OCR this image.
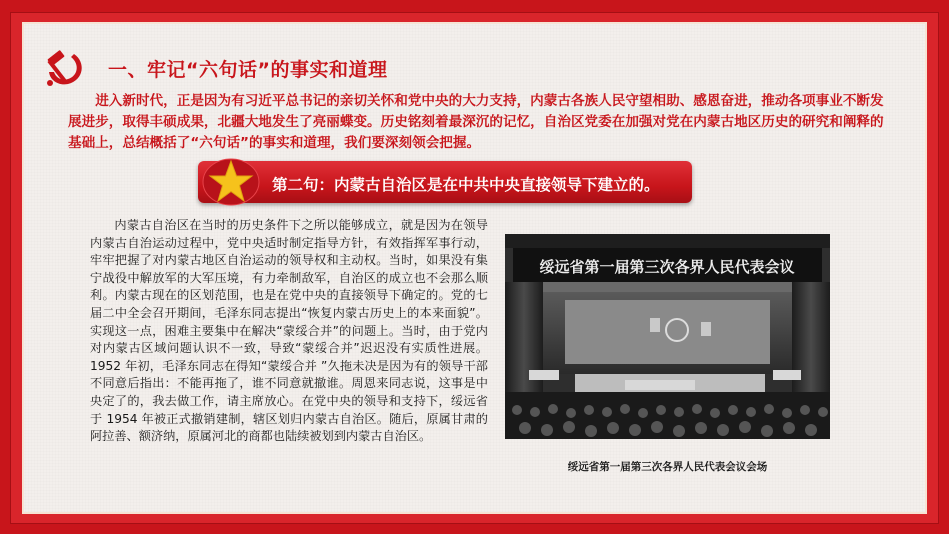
一、牢记“六句话”的事实和道理

进入新时代，正是因为有习近平总书记的亲切关怀和党中央的大力支持，内蒙古各族人民守望相助、感恩奋进，推动各项事业不断发展进步，取得丰硕成果，北疆大地发生了亮丽蝶变。历史铭刻着最深沉的记忆，自治区党委在加强对党在内蒙古地区历史的研究和阐释的基础上，总结概括了“六句话”的事实和道理，我们要深刻领会把握。

第二句：内蒙古自治区是在中共中央直接领导下建立的。

内蒙古自治区在当时的历史条件下之所以能够成立，就是因为在领导内蒙古自治运动过程中，党中央适时制定指导方针，有效指挥军事行动，牢牢把握了对内蒙古地区自治运动的领导权和主动权。当时，如果没有集宁战役中解放军的大军压境，有力牵制敌军，自治区的成立也不会那么顺利。内蒙古现在的区划范围，也是在党中央的直接领导下确定的。党的七届二中全会召开期间，毛泽东同志提出“恢复内蒙古历史上的本来面貌”。实现这一点，困难主要集中在解决“蒙绥合并”的问题上。当时，由于党内对内蒙古区域问题认识不一致，导致“蒙绥合并”迟迟没有实质性进展。1952 年初，毛泽东同志在得知“蒙绥合并 ”久拖未决是因为有的领导干部不同意后指出：不能再拖了，谁不同意就撤谁。周恩来同志说，这事是中央定了的，我去做工作，请主席放心。在党中央的领导和支持下，绥远省于 1954 年被正式撤销建制，辖区划归内蒙古自治区。随后，原属甘肃的阿拉善、额济纳，原属河北的商都也陆续被划到内蒙古自治区。

绥远省第一届第三次各界人民代表会议
绥远省第一届第三次各界人民代表会议会场
